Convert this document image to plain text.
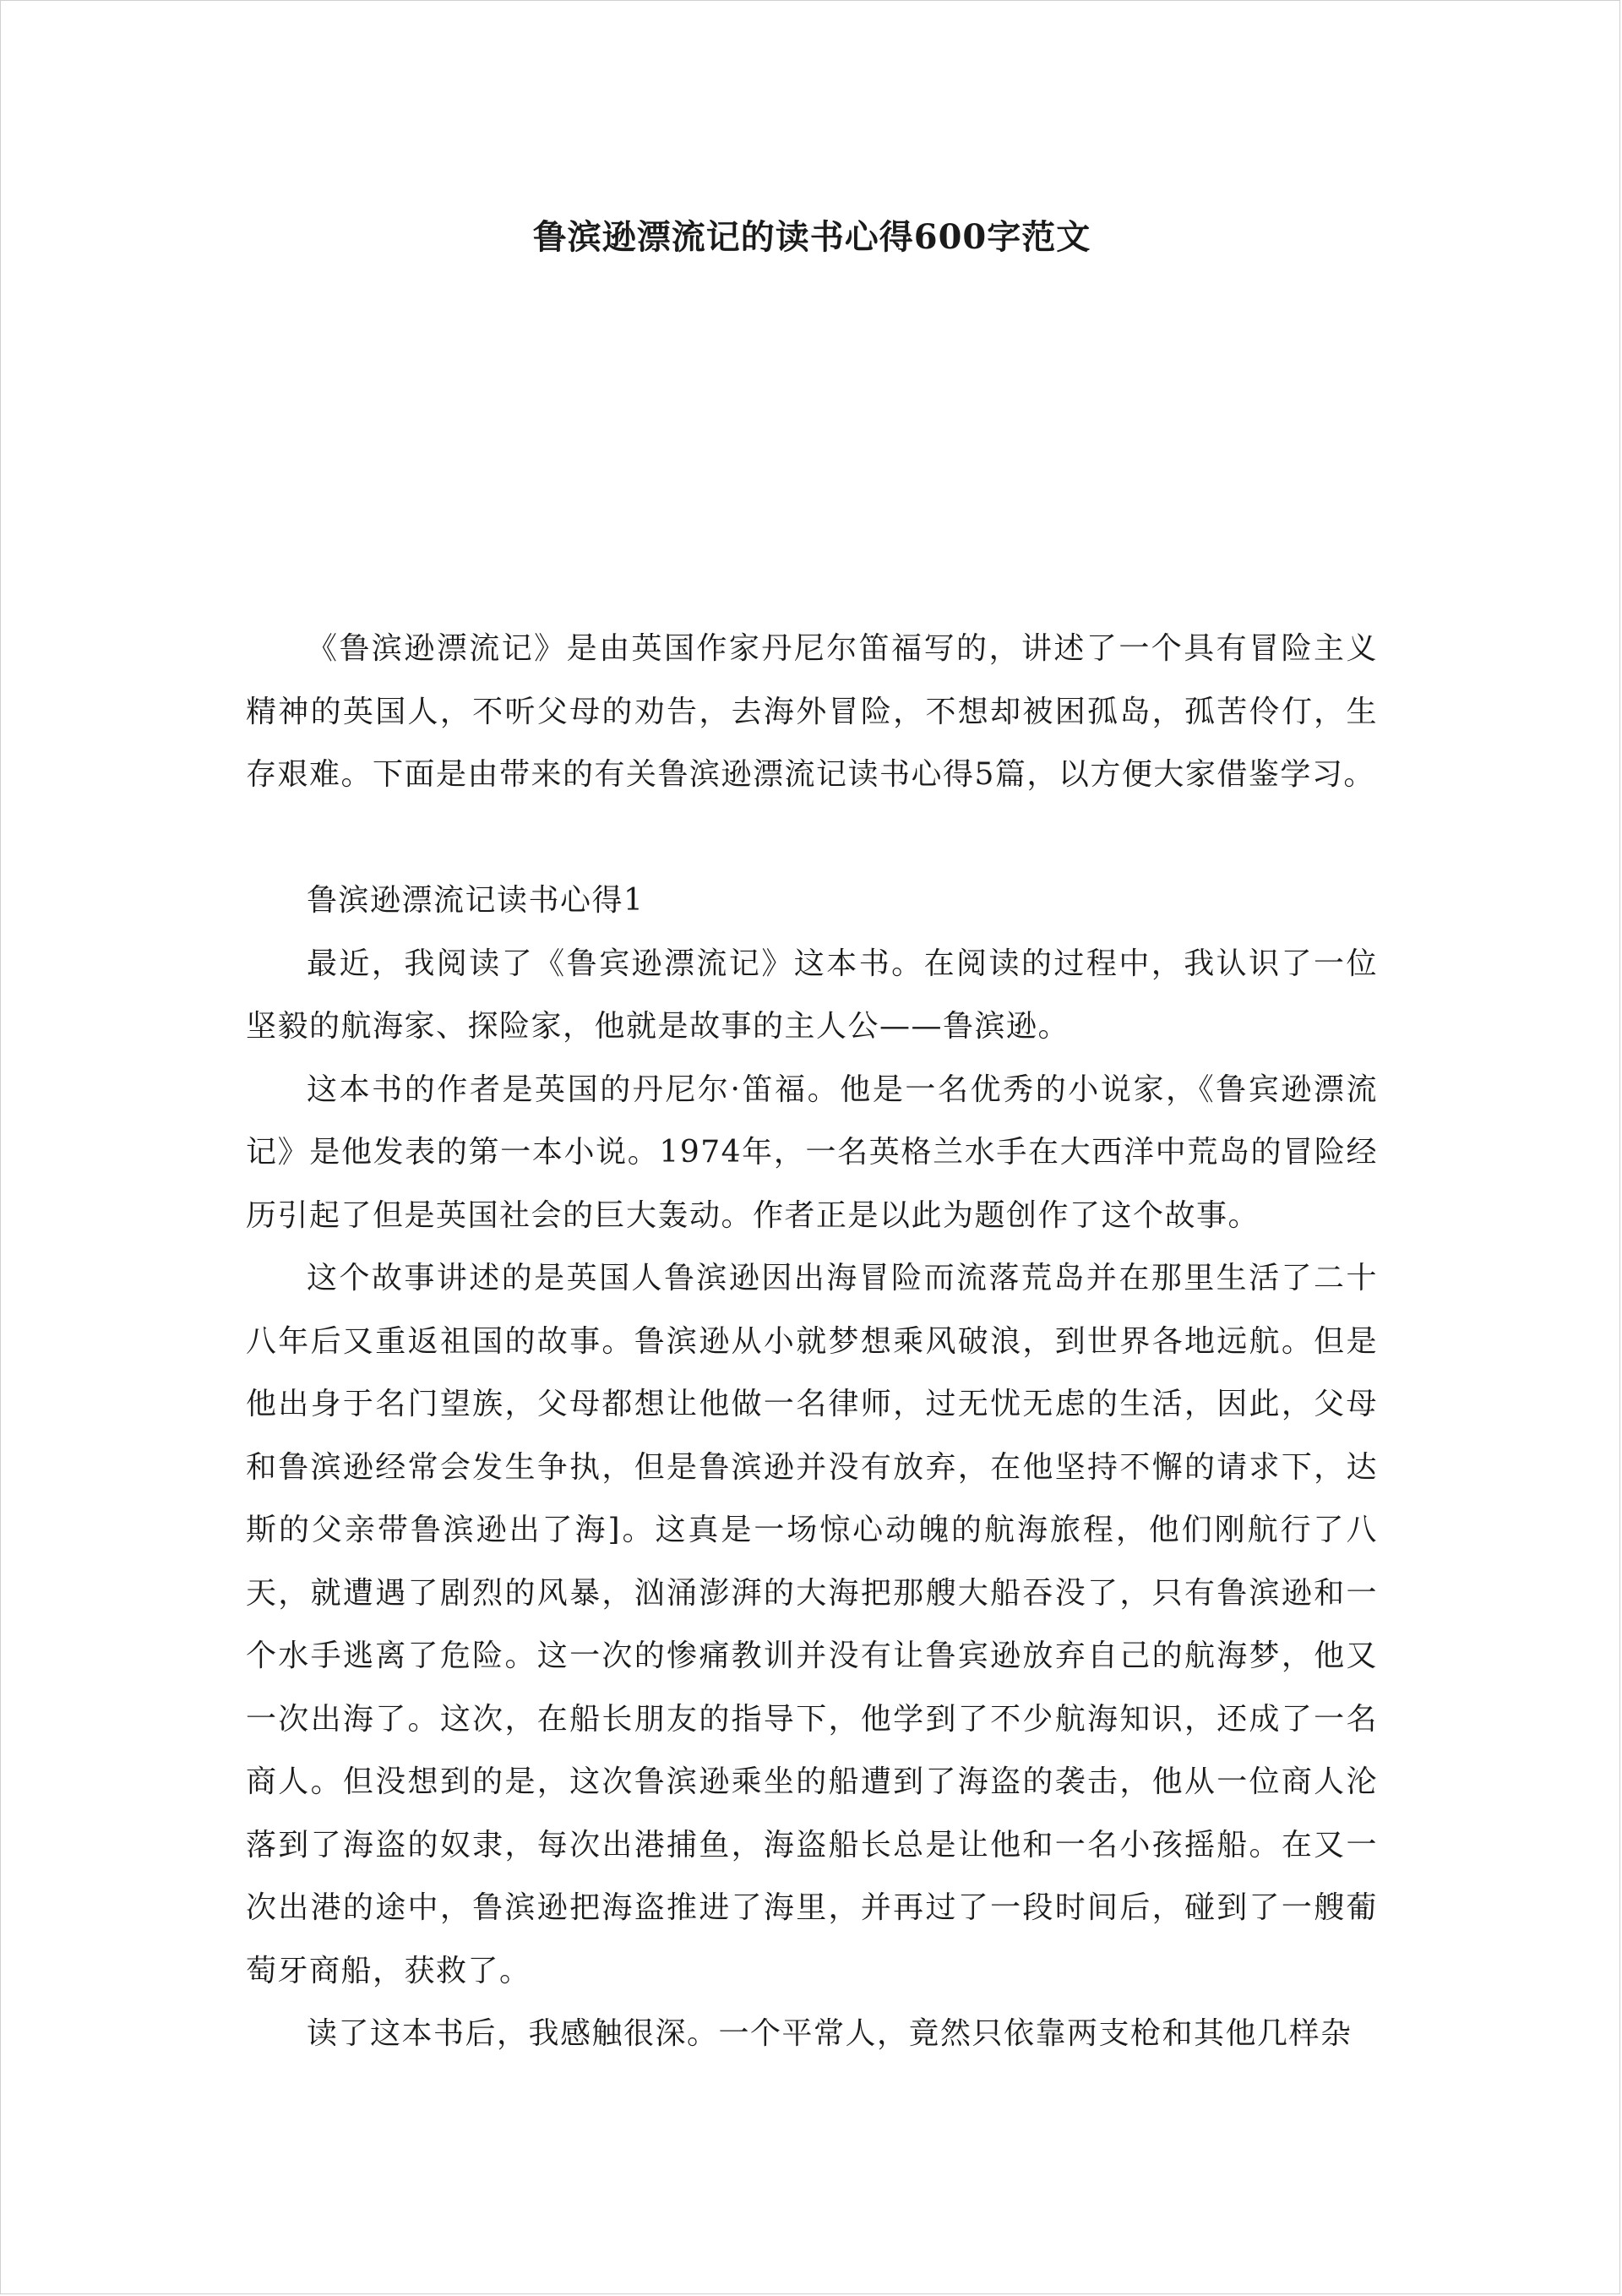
鲁滨逊漂流记的读书心得600字范文

《鲁滨逊漂流记》是由英国作家丹尼尔笛福写的，讲述了一个具有冒险主义精神的英国人，不听父母的劝告，去海外冒险，不想却被困孤岛，孤苦伶仃，生存艰难。下面是由带来的有关鲁滨逊漂流记读书心得5篇，以方便大家借鉴学习。

鲁滨逊漂流记读书心得1

最近，我阅读了《鲁宾逊漂流记》这本书。在阅读的过程中，我认识了一位坚毅的航海家、探险家，他就是故事的主人公——鲁滨逊。

这本书的作者是英国的丹尼尔·笛福。他是一名优秀的小说家，《鲁宾逊漂流记》是他发表的第一本小说。1974年，一名英格兰水手在大西洋中荒岛的冒险经历引起了但是英国社会的巨大轰动。作者正是以此为题创作了这个故事。

这个故事讲述的是英国人鲁滨逊因出海冒险而流落荒岛并在那里生活了二十八年后又重返祖国的故事。鲁滨逊从小就梦想乘风破浪，到世界各地远航。但是他出身于名门望族，父母都想让他做一名律师，过无忧无虑的生活，因此，父母和鲁滨逊经常会发生争执，但是鲁滨逊并没有放弃，在他坚持不懈的请求下，达斯的父亲带鲁滨逊出了海]。这真是一场惊心动魄的航海旅程，他们刚航行了八天，就遭遇了剧烈的风暴，汹涌澎湃的大海把那艘大船吞没了，只有鲁滨逊和一个水手逃离了危险。这一次的惨痛教训并没有让鲁宾逊放弃自己的航海梦，他又一次出海了。这次，在船长朋友的指导下，他学到了不少航海知识，还成了一名商人。但没想到的是，这次鲁滨逊乘坐的船遭到了海盗的袭击，他从一位商人沦落到了海盗的奴隶，每次出港捕鱼，海盗船长总是让他和一名小孩摇船。在又一次出港的途中，鲁滨逊把海盗推进了海里，并再过了一段时间后，碰到了一艘葡萄牙商船，获救了。

读了这本书后，我感触很深。一个平常人，竟然只依靠两支枪和其他几样杂
